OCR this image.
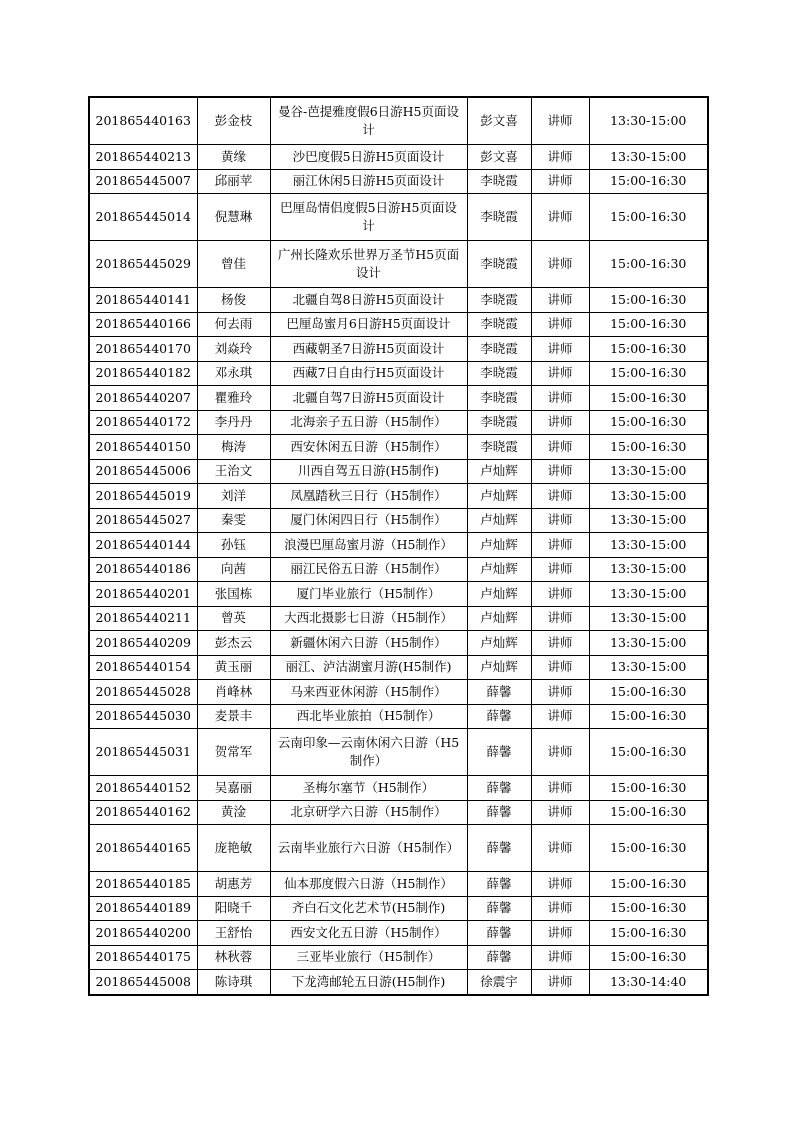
201865440163	彭金枝	曼谷-芭提雅度假6日游H5页面设计	彭文喜	讲师	13:30-15:00
201865440213	黄缘	沙巴度假5日游H5页面设计	彭文喜	讲师	13:30-15:00
201865445007	邱丽苹	丽江休闲5日游H5页面设计	李晓霞	讲师	15:00-16:30
201865445014	倪慧琳	巴厘岛情侣度假5日游H5页面设计	李晓霞	讲师	15:00-16:30
201865445029	曾佳	广州长隆欢乐世界万圣节H5页面设计	李晓霞	讲师	15:00-16:30
201865440141	杨俊	北疆自驾8日游H5页面设计	李晓霞	讲师	15:00-16:30
201865440166	何去雨	巴厘岛蜜月6日游H5页面设计	李晓霞	讲师	15:00-16:30
201865440170	刘焱玲	西藏朝圣7日游H5页面设计	李晓霞	讲师	15:00-16:30
201865440182	邓永琪	西藏7日自由行H5页面设计	李晓霞	讲师	15:00-16:30
201865440207	瞿雅玲	北疆自驾7日游H5页面设计	李晓霞	讲师	15:00-16:30
201865440172	李丹丹	北海亲子五日游（H5制作）	李晓霞	讲师	15:00-16:30
201865440150	梅涛	西安休闲五日游（H5制作）	李晓霞	讲师	15:00-16:30
201865445006	王治文	川西自驾五日游(H5制作)	卢灿辉	讲师	13:30-15:00
201865445019	刘洋	凤凰踏秋三日行（H5制作）	卢灿辉	讲师	13:30-15:00
201865445027	秦雯	厦门休闲四日行（H5制作）	卢灿辉	讲师	13:30-15:00
201865440144	孙钰	浪漫巴厘岛蜜月游（H5制作）	卢灿辉	讲师	13:30-15:00
201865440186	向茜	丽江民俗五日游（H5制作）	卢灿辉	讲师	13:30-15:00
201865440201	张国栋	厦门毕业旅行（H5制作）	卢灿辉	讲师	13:30-15:00
201865440211	曾英	大西北摄影七日游（H5制作）	卢灿辉	讲师	13:30-15:00
201865440209	彭杰云	新疆休闲六日游（H5制作）	卢灿辉	讲师	13:30-15:00
201865440154	黄玉丽	丽江、泸沽湖蜜月游(H5制作)	卢灿辉	讲师	13:30-15:00
201865445028	肖峰林	马来西亚休闲游（H5制作）	薛馨	讲师	15:00-16:30
201865445030	麦景丰	西北毕业旅拍（H5制作）	薛馨	讲师	15:00-16:30
201865445031	贺常军	云南印象—云南休闲六日游（H5制作）	薛馨	讲师	15:00-16:30
201865440152	吴嘉丽	圣梅尔塞节（H5制作）	薛馨	讲师	15:00-16:30
201865440162	黄淦	北京研学六日游（H5制作）	薛馨	讲师	15:00-16:30
201865440165	庞艳敏	云南毕业旅行六日游（H5制作）	薛馨	讲师	15:00-16:30
201865440185	胡惠芳	仙本那度假六日游（H5制作）	薛馨	讲师	15:00-16:30
201865440189	阳晓千	齐白石文化艺术节(H5制作)	薛馨	讲师	15:00-16:30
201865440200	王舒怡	西安文化五日游（H5制作）	薛馨	讲师	15:00-16:30
201865440175	林秋蓉	三亚毕业旅行（H5制作）	薛馨	讲师	15:00-16:30
201865445008	陈诗琪	下龙湾邮轮五日游(H5制作)	徐震宇	讲师	13:30-14:40
